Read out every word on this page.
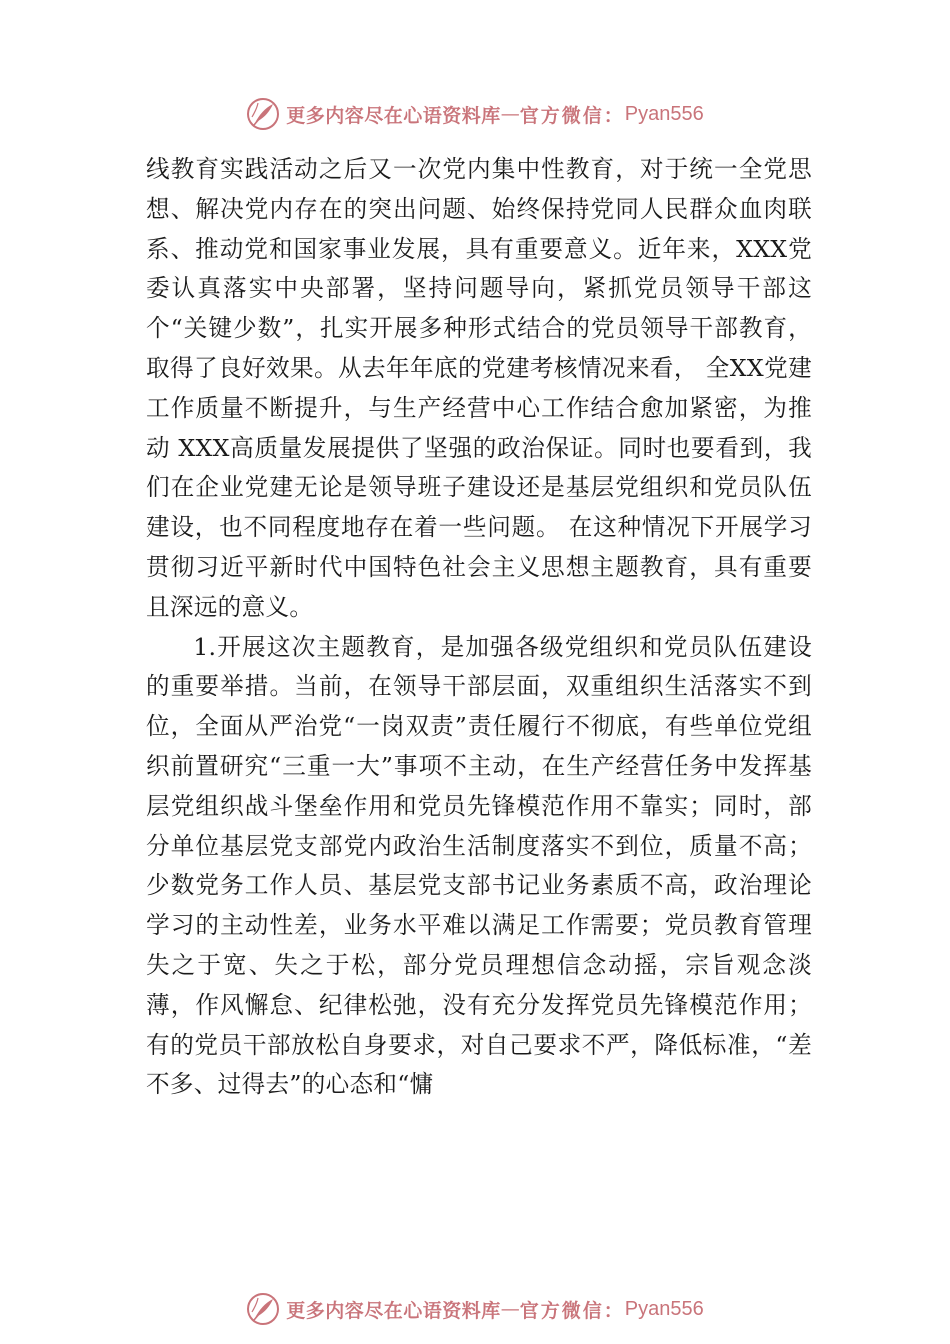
更多内容尽在心语资料库 — 官方微信： Pyan556

线教育实践活动之后又一次党内集中性教育，对于统一全党思想、解决党内存在的突出问题、始终保持党同人民群众血肉联系、推动党和国家事业发展，具有重要意义。近年来，XXX党委认真落实中央部署，坚持问题导向，紧抓党员领导干部这个“关键少数”，扎实开展多种形式结合的党员领导干部教育，取得了良好效果。从去年年底的党建考核情况来看， 全XX党建工作质量不断提升，与生产经营中心工作结合愈加紧密，为推动 XXX高质量发展提供了坚强的政治保证。同时也要看到，我们在企业党建无论是领导班子建设还是基层党组织和党员队伍建设，也不同程度地存在着一些问题。 在这种情况下开展学习贯彻习近平新时代中国特色社会主义思想主题教育，具有重要且深远的意义。

1.开展这次主题教育，是加强各级党组织和党员队伍建设的重要举措。当前，在领导干部层面，双重组织生活落实不到位，全面从严治党“一岗双责”责任履行不彻底，有些单位党组织前置研究“三重一大”事项不主动，在生产经营任务中发挥基层党组织战斗堡垒作用和党员先锋模范作用不靠实；同时，部分单位基层党支部党内政治生活制度落实不到位，质量不高；少数党务工作人员、基层党支部书记业务素质不高，政治理论学习的主动性差，业务水平难以满足工作需要；党员教育管理失之于宽、失之于松，部分党员理想信念动摇，宗旨观念淡薄，作风懈怠、纪律松弛，没有充分发挥党员先锋模范作用；有的党员干部放松自身要求，对自己要求不严，降低标准，“差不多、过得去”的心态和“慵

更多内容尽在心语资料库 — 官方微信： Pyan556
